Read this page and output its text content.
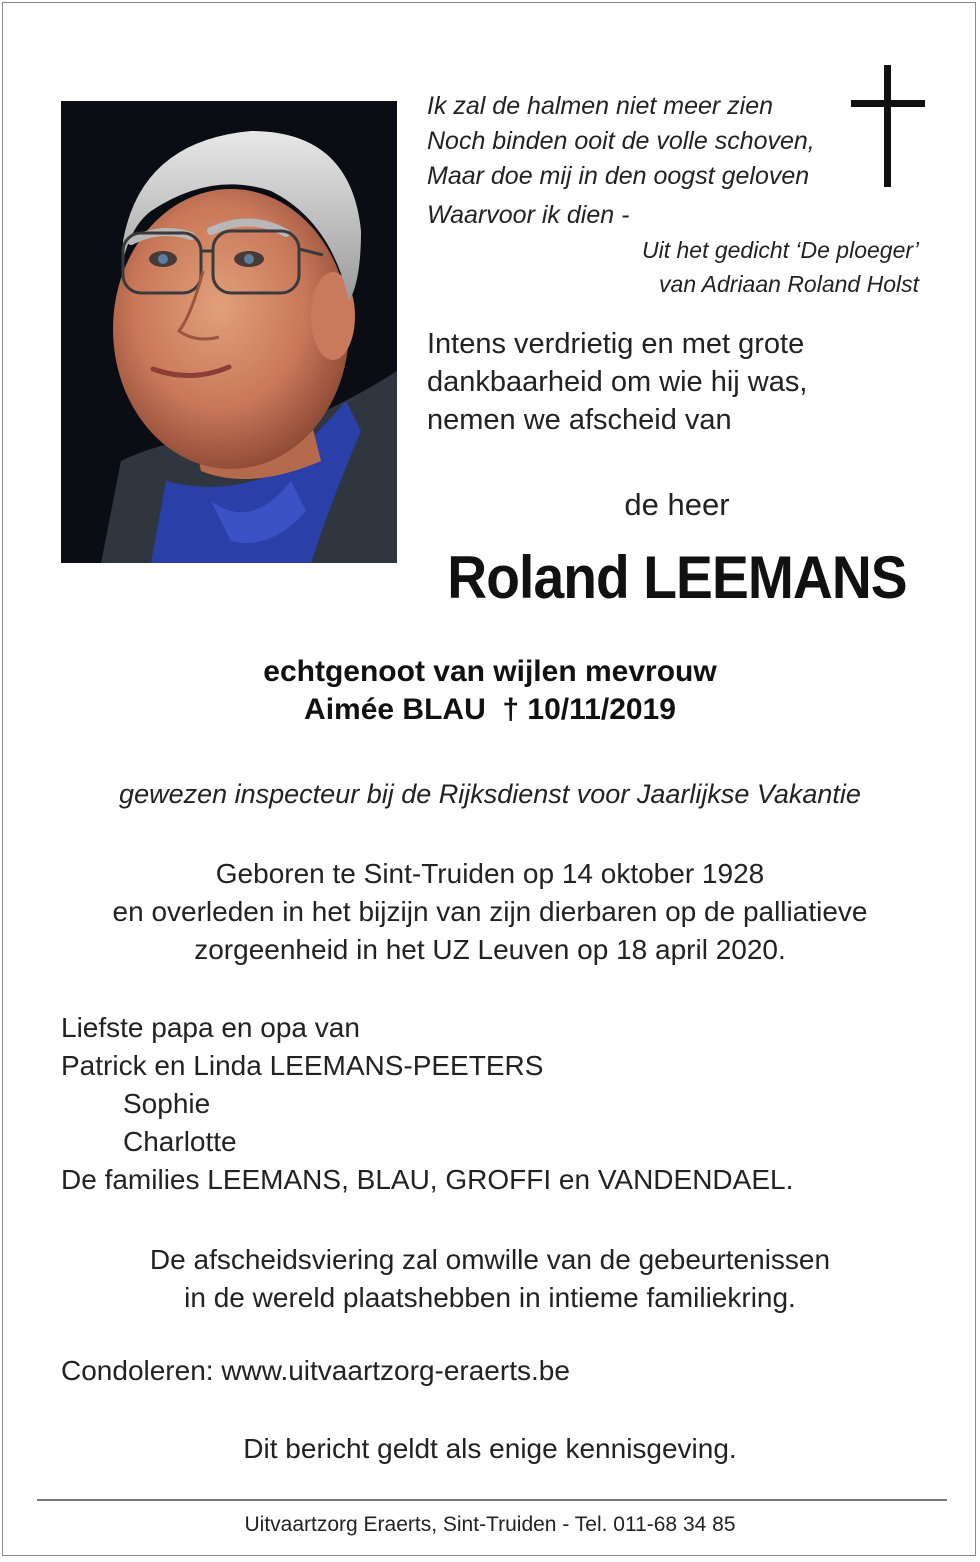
Ik zal de halmen niet meer zien
Noch binden ooit de volle schoven,
Maar doe mij in den oogst geloven
Waarvoor ik dien -
Uit het gedicht ‘De ploeger’
van Adriaan Roland Holst
Intens verdrietig en met grote
dankbaarheid om wie hij was,
nemen we afscheid van
de heer
Roland LEEMANS
echtgenoot van wijlen mevrouw
Aimée BLAU  † 10/11/2019
gewezen inspecteur bij de Rijksdienst voor Jaarlijkse Vakantie
Geboren te Sint-Truiden op 14 oktober 1928
en overleden in het bijzijn van zijn dierbaren op de palliatieve
zorgeenheid in het UZ Leuven op 18 april 2020.
Liefste papa en opa van
Patrick en Linda LEEMANS-PEETERS
Sophie
Charlotte
De families LEEMANS, BLAU, GROFFI en VANDENDAEL.
De afscheidsviering zal omwille van de gebeurtenissen
in de wereld plaatshebben in intieme familiekring.
Condoleren: www.uitvaartzorg-eraerts.be
Dit bericht geldt als enige kennisgeving.
Uitvaartzorg Eraerts, Sint-Truiden - Tel. 011-68 34 85
